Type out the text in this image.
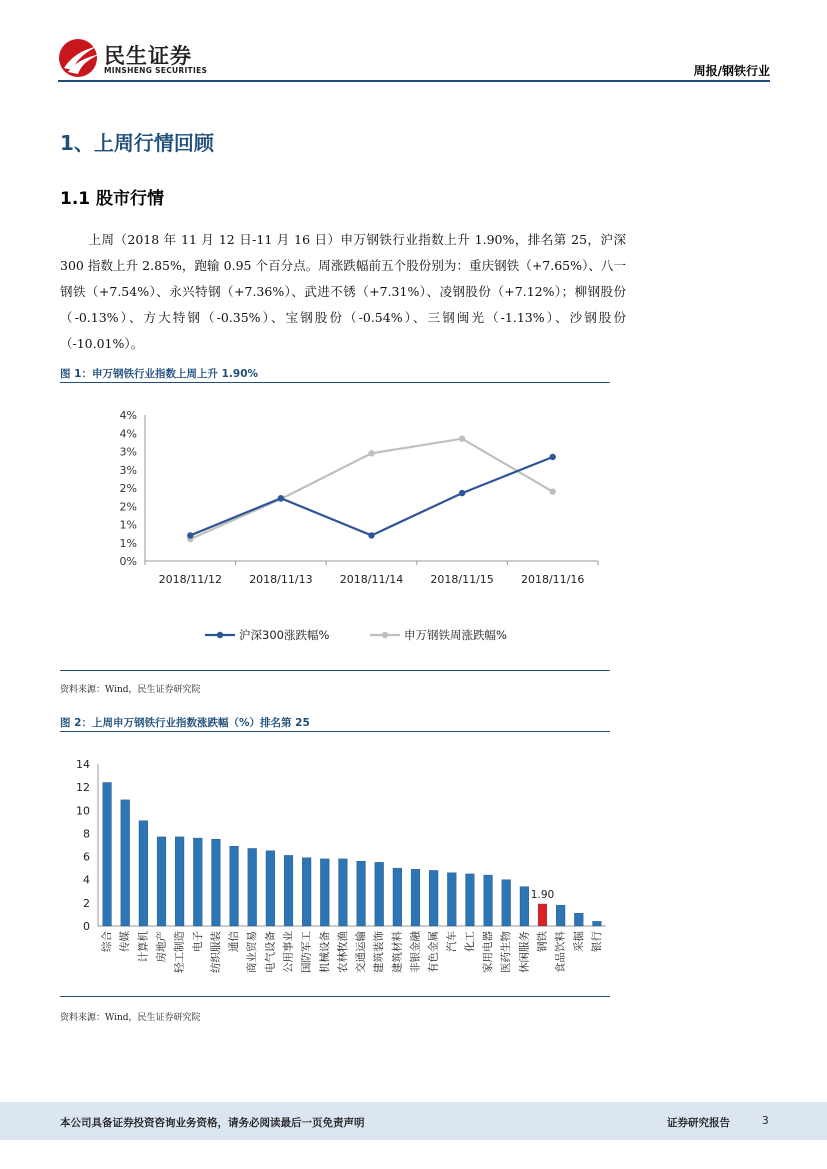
民生证券
MINSHENG SECURITIES	周报/钢铁行业
1、上周行情回顾
1.1 股市行情
上周（2018 年 11 月 12 日-11 月 16 日）申万钢铁行业指数上升 1.90%，排名第 25，沪深 300 指数上升 2.85%，跑输 0.95 个百分点。周涨跌幅前五个股份别为：重庆钢铁（+7.65%）、八一钢铁（+7.54%）、永兴特钢（+7.36%）、武进不锈（+7.31%）、凌钢股份（+7.12%）；柳钢股份（-0.13%）、方大特钢（-0.35%）、宝钢股份（-0.54%）、三钢闽光（-1.13%）、沙钢股份（-10.01%）。
图 1：申万钢铁行业指数上周上升 1.90%
0%
1%
1%
2%
2%
3%
3%
4%
4%
2018/11/12 2018/11/13 2018/11/14 2018/11/15 2018/11/16
沪深300涨跌幅%	申万钢铁周涨跌幅%
资料来源：Wind，民生证券研究院
图 2：上周申万钢铁行业指数涨跌幅（%）排名第 25
0
2
4
6
8
10
12
14
综合 传媒 计算机 房地产 轻工制造 电子 纺织服装 通信 商业贸易 电气设备 公用事业 国防军工 机械设备 农林牧渔 交通运输 建筑装饰 建筑材料 非银金融 有色金属 汽车 化工 家用电器 医药生物 休闲服务 钢铁 食品饮料 采掘 银行
1.90
资料来源：Wind，民生证券研究院
本公司具备证券投资咨询业务资格，请务必阅读最后一页免责声明	证券研究报告	3
